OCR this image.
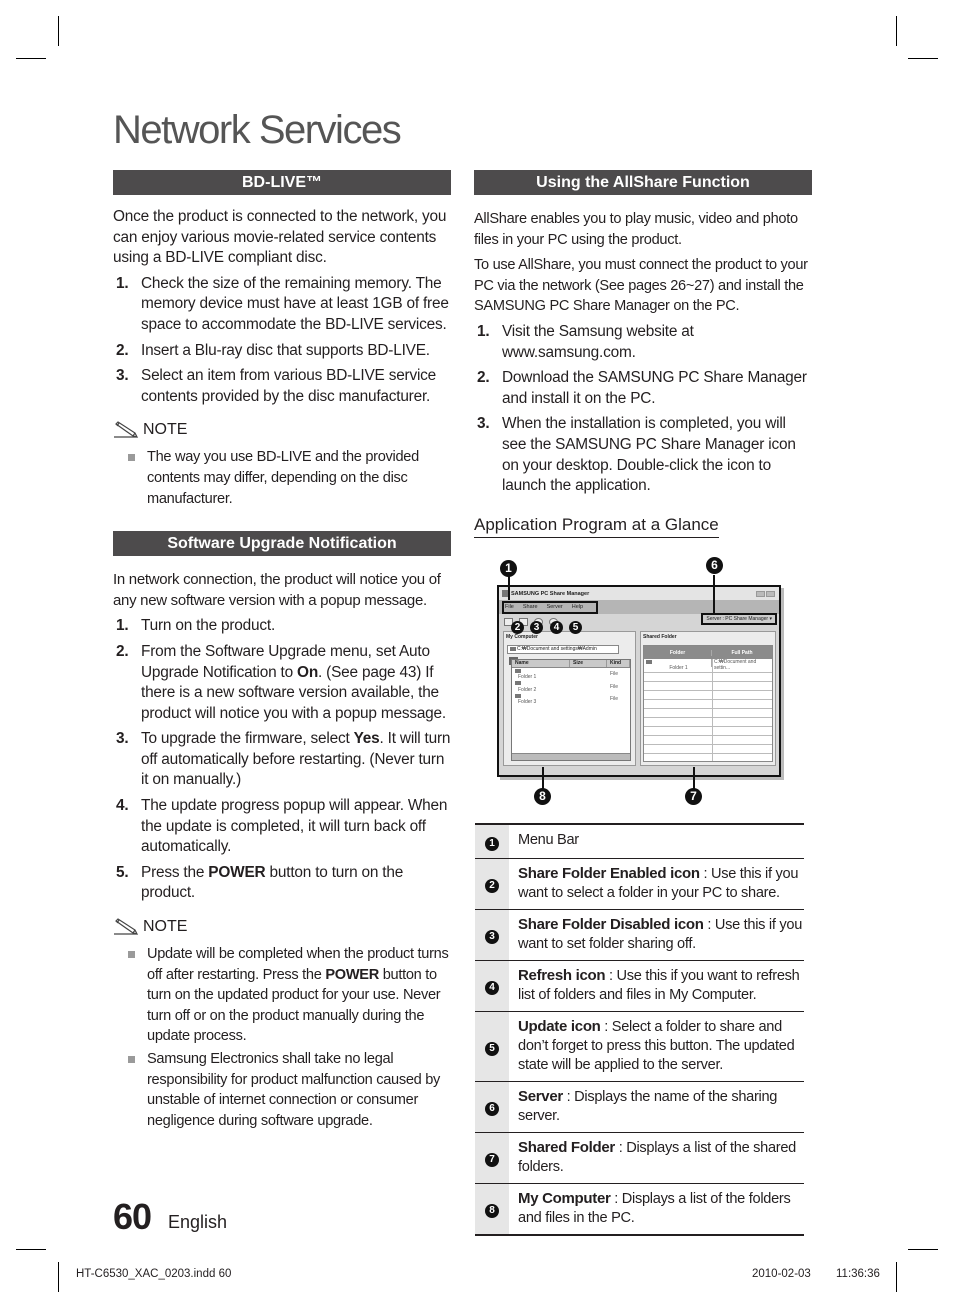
Network Services
BD-LIVE™

Once the product is connected to the network, you can enjoy various movie-related service contents using a BD-LIVE compliant disc.

1. Check the size of the remaining memory. The memory device must have at least 1GB of free space to accommodate the BD-LIVE services.
2. Insert a Blu-ray disc that supports BD-LIVE.
3. Select an item from various BD-LIVE service contents provided by the disc manufacturer.
NOTE
The way you use BD-LIVE and the provided contents may differ, depending on the disc manufacturer.
Software Upgrade Notification

In network connection, the product will notice you of any new software version with a popup message.

1. Turn on the product.
2. From the Software Upgrade menu, set Auto Upgrade Notification to On. (See page 43) If there is a new software version available, the product will notice you with a popup message.
3. To upgrade the firmware, select Yes. It will turn off automatically before restarting. (Never turn it on manually.)
4. The update progress popup will appear. When the update is completed, it will turn back off automatically.
5. Press the POWER button to turn on the product.
NOTE
Update will be completed when the product turns off after restarting. Press the POWER button to turn on the updated product for your use. Never turn off or on the product manually during the update process.
Samsung Electronics shall take no legal responsibility for product malfunction caused by unstable of internet connection or consumer negligence during software upgrade.
Using the AllShare Function

AllShare enables you to play music, video and photo files in your PC using the product.

To use AllShare, you must connect the product to your PC via the network (See pages 26~27) and install the SAMSUNG PC Share Manager on the PC.

1. Visit the Samsung website at www.samsung.com.
2. Download the SAMSUNG PC Share Manager and install it on the PC.
3. When the installation is completed, you will see the SAMSUNG PC Share Manager icon on your desktop. Double-click the icon to launch the application.
Application Program at a Glance
SAMSUNG PC Share Manager
File Share Server Help
Server : PC Share Manager ▾
My Computer
C:₩Document and settings₩Admin
Name	Size	Kind
Folder 1	File
Folder 2	File
Folder 3	File
Shared Folder
Folder	Full Path
Folder 1
C:₩Document and settin...
1	6
2	3	4	5
8	7
1	Menu Bar
2	Share Folder Enabled icon : Use this if you want to select a folder in your PC to share.
3	Share Folder Disabled icon : Use this if you want to set folder sharing off.
4	Refresh icon : Use this if you want to refresh list of folders and files in My Computer.
5	Update icon : Select a folder to share and don’t forget to press this button. The updated state will be applied to the server.
6	Server : Displays the name of the sharing server.
7	Shared Folder : Displays a list of the shared folders.
8	My Computer : Displays a list of the folders and files in the PC.
60 English
HT-C6530_XAC_0203.indd 60	2010-02-03 11:36:36
